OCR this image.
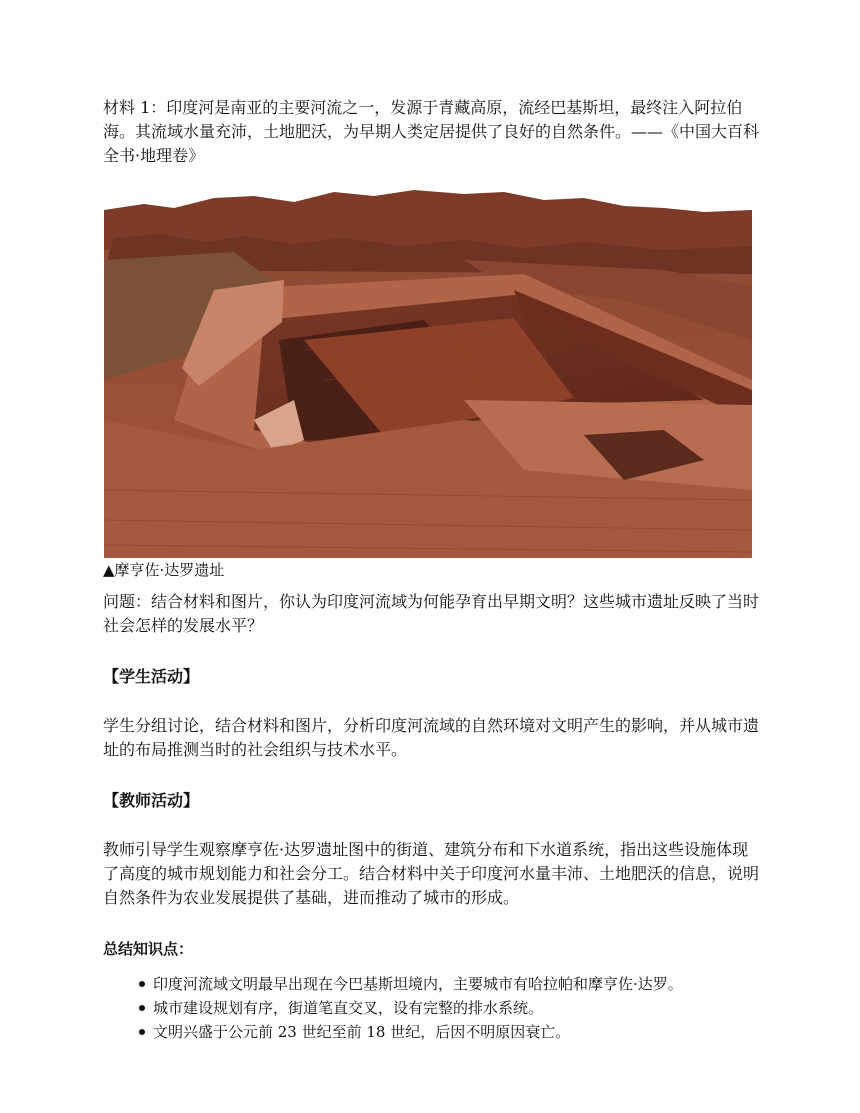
材料 1：印度河是南亚的主要河流之一，发源于青藏高原，流经巴基斯坦，最终注入阿拉伯海。其流域水量充沛，土地肥沃，为早期人类定居提供了良好的自然条件。——《中国大百科全书·地理卷》

▲摩亨佐·达罗遗址

问题：结合材料和图片，你认为印度河流域为何能孕育出早期文明？这些城市遗址反映了当时社会怎样的发展水平？

【学生活动】

学生分组讨论，结合材料和图片，分析印度河流域的自然环境对文明产生的影响，并从城市遗址的布局推测当时的社会组织与技术水平。

【教师活动】

教师引导学生观察摩亨佐·达罗遗址图中的街道、建筑分布和下水道系统，指出这些设施体现了高度的城市规划能力和社会分工。结合材料中关于印度河水量丰沛、土地肥沃的信息，说明自然条件为农业发展提供了基础，进而推动了城市的形成。

总结知识点：

印度河流域文明最早出现在今巴基斯坦境内，主要城市有哈拉帕和摩亨佐·达罗。
城市建设规划有序，街道笔直交叉，设有完整的排水系统。
文明兴盛于公元前 23 世纪至前 18 世纪，后因不明原因衰亡。
